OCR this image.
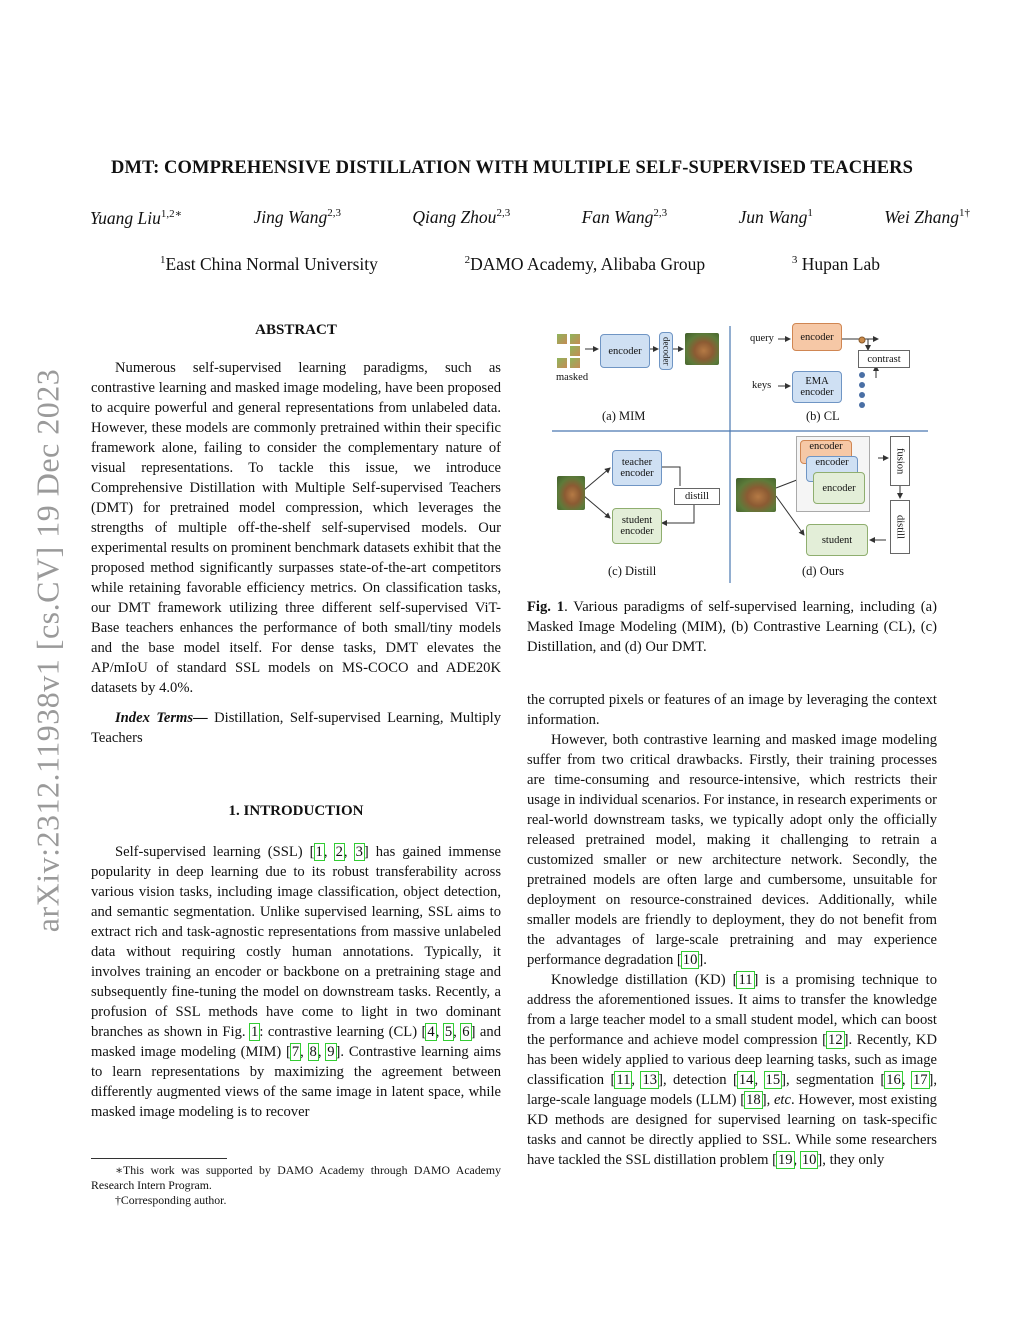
arXiv:2312.11938v1 [cs.CV] 19 Dec 2023
DMT: COMPREHENSIVE DISTILLATION WITH MULTIPLE SELF-SUPERVISED TEACHERS
Yuang Liu$^{1,2∗}$	Jing Wang$^{2,3}$	Qiang Zhou$^{2,3}$	Fan Wang$^{2,3}$	Jun Wang$^1$	Wei Zhang$^{1\dagger}$
$^1$East China Normal University	$^2$DAMO Academy, Alibaba Group	$^3$ Hupan Lab
ABSTRACT

Numerous self-supervised learning paradigms, such as contrastive learning and masked image modeling, have been proposed to acquire powerful and general representations from unlabeled data. However, these models are commonly pretrained within their specific framework alone, failing to consider the complementary nature of visual representations. To tackle this issue, we introduce Comprehensive Distillation with Multiple Self-supervised Teachers (DMT) for pretrained model compression, which leverages the strengths of multiple off-the-shelf self-supervised models. Our experimental results on prominent benchmark datasets exhibit that the proposed method significantly surpasses state-of-the-art competitors while retaining favorable efficiency metrics. On classification tasks, our DMT framework utilizing three different self-supervised ViT-Base teachers enhances the performance of both small/tiny models and the base model itself. For dense tasks, DMT elevates the AP/mIoU of standard SSL models on MS-COCO and ADE20K datasets by 4.0%.

Index Terms— Distillation, Self-supervised Learning, Multiply Teachers

1. INTRODUCTION

Self-supervised learning (SSL) [1, 2, 3] has gained immense popularity in deep learning due to its robust transferability across various vision tasks, including image classification, object detection, and semantic segmentation. Unlike supervised learning, SSL aims to extract rich and task-agnostic representations from massive unlabeled data without requiring costly human annotations. Typically, it involves training an encoder or backbone on a pretraining stage and subsequently fine-tuning the model on downstream tasks. Recently, a profusion of SSL methods have come to light in two dominant branches as shown in Fig. 1: contrastive learning (CL) [4, 5, 6] and masked image modeling (MIM) [7, 8, 9]. Contrastive learning aims to learn representations by maximizing the agreement between differently augmented views of the same image in latent space, while masked image modeling is to recover

∗This work was supported by DAMO Academy through DAMO Academy Research Intern Program.

†Corresponding author.

masked
encoder	decoder
(a) MIM
query
keys
encoder
contrast
EMA encoder
(b) CL
teacher encoder
student encoder
distill
(c) Distill
encoder
encoder
encoder
fusion
distill
student
(d) Ours

Fig. 1. Various paradigms of self-supervised learning, including (a) Masked Image Modeling (MIM), (b) Contrastive Learning (CL), (c) Distillation, and (d) Our DMT.

the corrupted pixels or features of an image by leveraging the context information.

However, both contrastive learning and masked image modeling suffer from two critical drawbacks. Firstly, their training processes are time-consuming and resource-intensive, which restricts their usage in individual scenarios. For instance, in research experiments or real-world downstream tasks, we typically adopt only the officially released pretrained model, making it challenging to retrain a customized smaller or new architecture network. Secondly, the pretrained models are often large and cumbersome, unsuitable for deployment on resource-constrained devices. Additionally, while smaller models are friendly to deployment, they do not benefit from the advantages of large-scale pretraining and may experience performance degradation [10].

Knowledge distillation (KD) [11] is a promising technique to address the aforementioned issues. It aims to transfer the knowledge from a large teacher model to a small student model, which can boost the performance and achieve model compression [12]. Recently, KD has been widely applied to various deep learning tasks, such as image classification [11, 13], detection [14, 15], segmentation [16, 17], large-scale language models (LLM) [18], etc. However, most existing KD methods are designed for supervised learning on task-specific tasks and cannot be directly applied to SSL. While some researchers have tackled the SSL distillation problem [19, 10], they only
